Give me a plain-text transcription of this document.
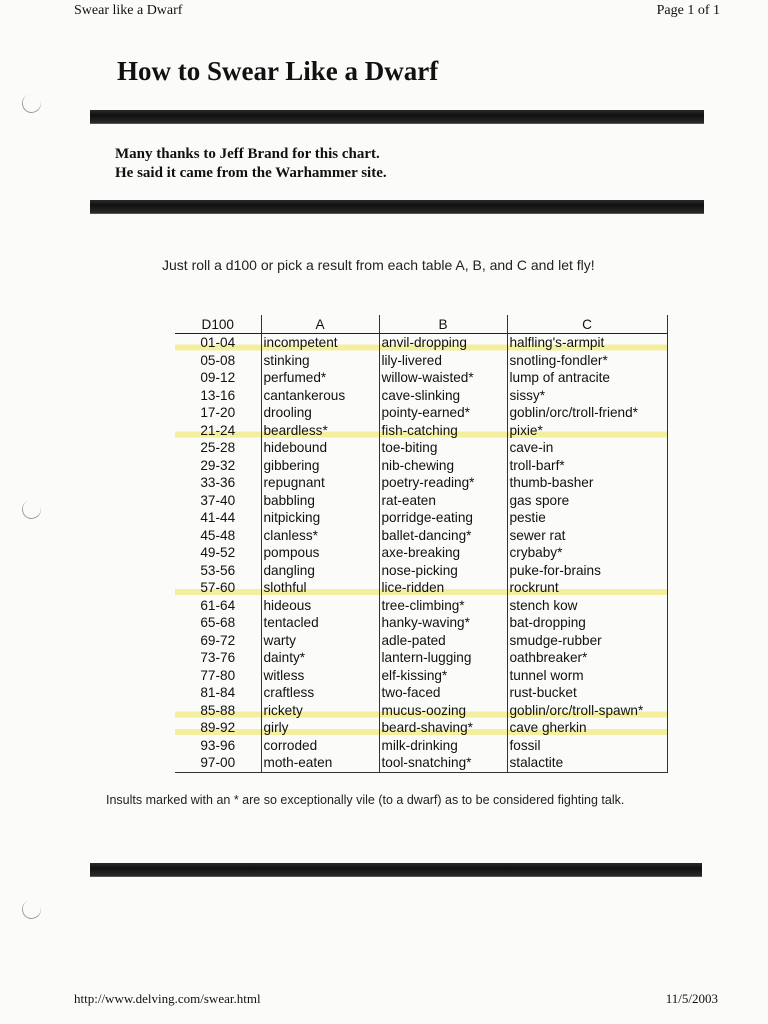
Swear like a Dwarf	Page 1 of 1
How to Swear Like a Dwarf
Many thanks to Jeff Brand for this chart.
He said it came from the Warhammer site.
Just roll a d100 or pick a result from each table A, B, and C and let fly!
D100	A	B	C
01-04	incompetent	anvil-dropping	halfling's-armpit
05-08	stinking	lily-livered	snotling-fondler*
09-12	perfumed*	willow-waisted*	lump of antracite
13-16	cantankerous	cave-slinking	sissy*
17-20	drooling	pointy-earned*	goblin/orc/troll-friend*
21-24	beardless*	fish-catching	pixie*
25-28	hidebound	toe-biting	cave-in
29-32	gibbering	nib-chewing	troll-barf*
33-36	repugnant	poetry-reading*	thumb-basher
37-40	babbling	rat-eaten	gas spore
41-44	nitpicking	porridge-eating	pestie
45-48	clanless*	ballet-dancing*	sewer rat
49-52	pompous	axe-breaking	crybaby*
53-56	dangling	nose-picking	puke-for-brains
57-60	slothful	lice-ridden	rockrunt
61-64	hideous	tree-climbing*	stench kow
65-68	tentacled	hanky-waving*	bat-dropping
69-72	warty	adle-pated	smudge-rubber
73-76	dainty*	lantern-lugging	oathbreaker*
77-80	witless	elf-kissing*	tunnel worm
81-84	craftless	two-faced	rust-bucket
85-88	rickety	mucus-oozing	goblin/orc/troll-spawn*
89-92	girly	beard-shaving*	cave gherkin
93-96	corroded	milk-drinking	fossil
97-00	moth-eaten	tool-snatching*	stalactite
Insults marked with an * are so exceptionally vile (to a dwarf) as to be considered fighting talk.
http://www.delving.com/swear.html	11/5/2003
